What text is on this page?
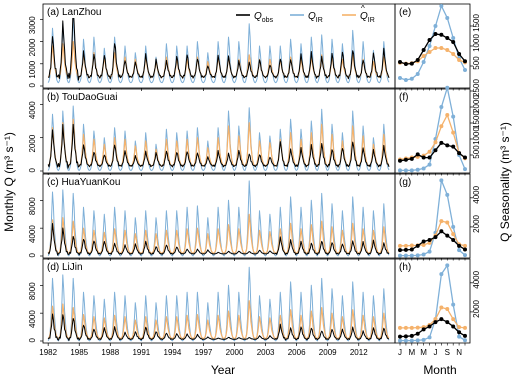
0
1000
2000
3000
(a) LanZhou
0
2000
4000
(b) TouDaoGuai
0
4000
8000
(c) HuaYuanKou
0
4000
8000
1982 1985 1988 1991 1994 1997 2000 2003 2006 2009 2012
(d) LiJin
500
1000
1500
(e)
500
1000
1500
2000
2500
(f)
2000
4000
(g)
2000
4000
J M M J S N
(h)
$Q_{obs}$	$Q_{IR}$	$Q_{IR}$
^
Year	Month
Monthly Q (m³ s⁻¹)	Q Seasonality (m³ s⁻¹)
